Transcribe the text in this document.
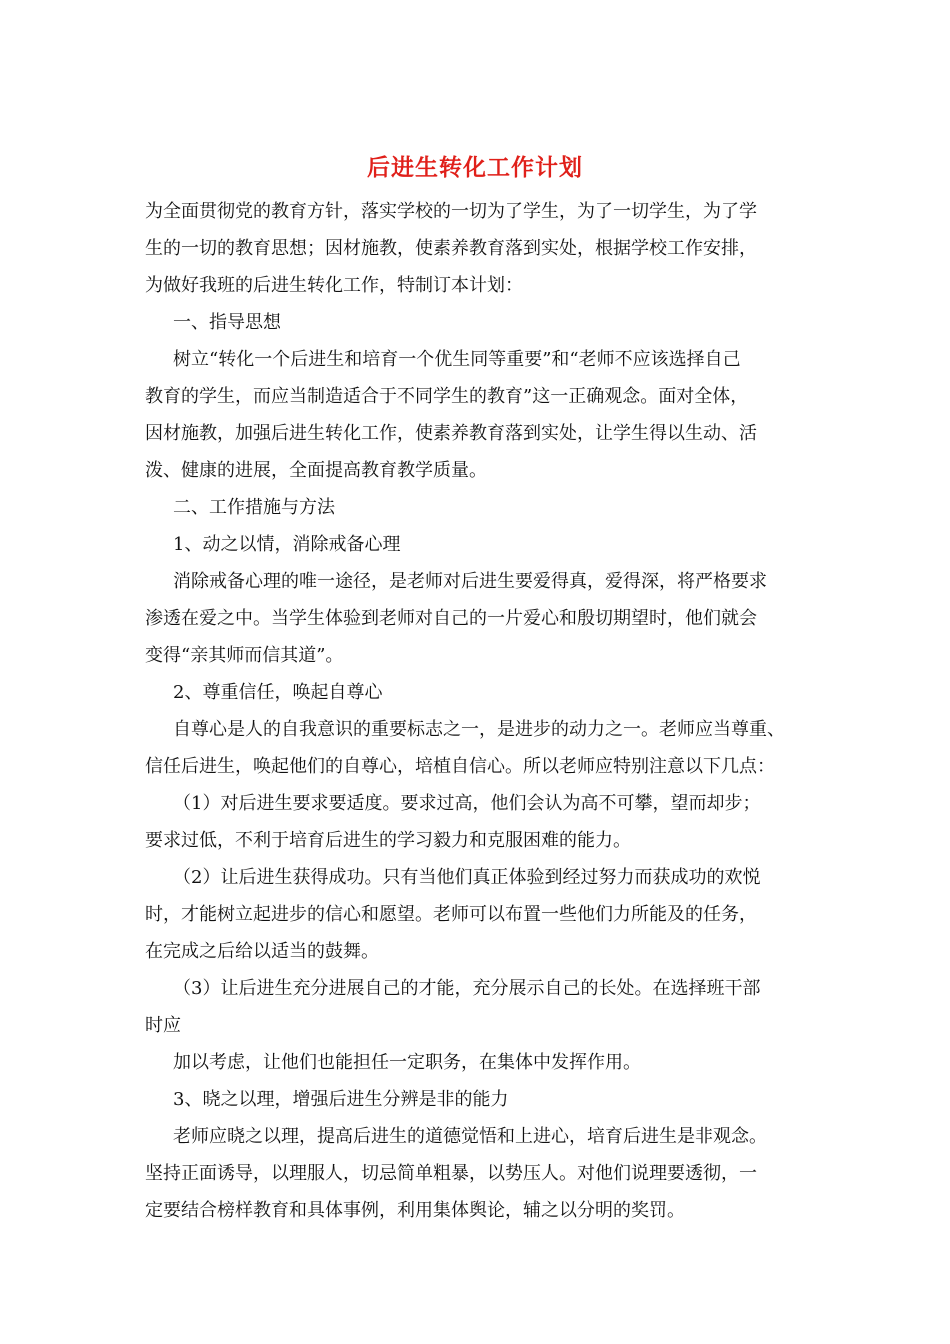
后进生转化工作计划
为全面贯彻党的教育方针，落实学校的一切为了学生，为了一切学生，为了学
生的一切的教育思想；因材施教，使素养教育落到实处，根据学校工作安排，
为做好我班的后进生转化工作，特制订本计划：
一、指导思想
树立“转化一个后进生和培育一个优生同等重要”和“老师不应该选择自己
教育的学生，而应当制造适合于不同学生的教育”这一正确观念。面对全体，
因材施教，加强后进生转化工作，使素养教育落到实处，让学生得以生动、活
泼、健康的进展，全面提高教育教学质量。
二、工作措施与方法
1、动之以情，消除戒备心理
消除戒备心理的唯一途径，是老师对后进生要爱得真，爱得深，将严格要求
渗透在爱之中。当学生体验到老师对自己的一片爱心和殷切期望时，他们就会
变得“亲其师而信其道”。
2、尊重信任，唤起自尊心
自尊心是人的自我意识的重要标志之一，是进步的动力之一。老师应当尊重、
信任后进生，唤起他们的自尊心，培植自信心。所以老师应特别注意以下几点：
（1）对后进生要求要适度。要求过高，他们会认为高不可攀，望而却步；
要求过低，不利于培育后进生的学习毅力和克服困难的能力。
（2）让后进生获得成功。只有当他们真正体验到经过努力而获成功的欢悦
时，才能树立起进步的信心和愿望。老师可以布置一些他们力所能及的任务，
在完成之后给以适当的鼓舞。
（3）让后进生充分进展自己的才能，充分展示自己的长处。在选择班干部
时应
加以考虑，让他们也能担任一定职务，在集体中发挥作用。
3、晓之以理，增强后进生分辨是非的能力
老师应晓之以理，提高后进生的道德觉悟和上进心，培育后进生是非观念。
坚持正面诱导，以理服人，切忌简单粗暴，以势压人。对他们说理要透彻，一
定要结合榜样教育和具体事例，利用集体舆论，辅之以分明的奖罚。
